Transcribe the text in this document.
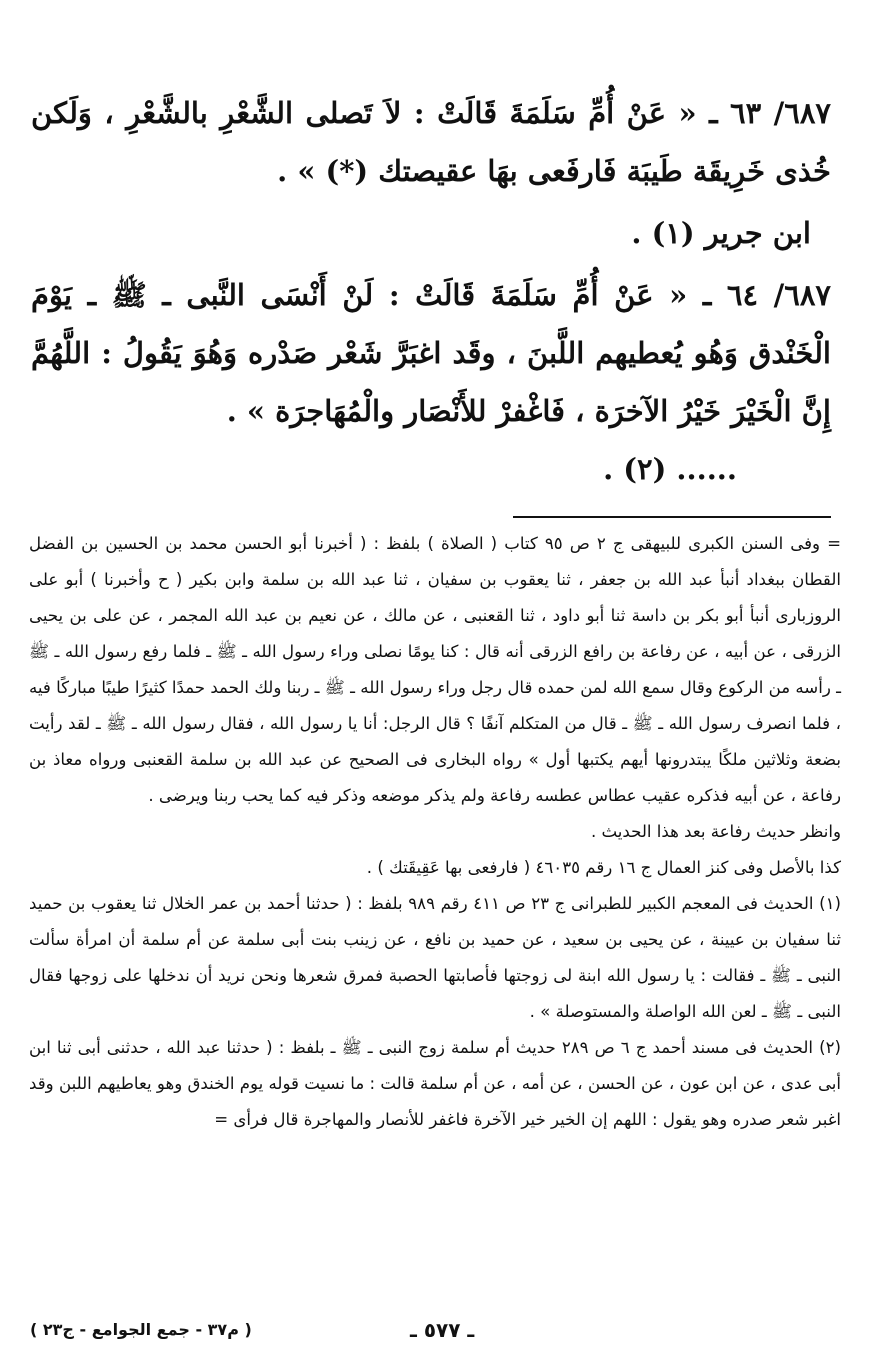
٦٨٧/ ٦٣ ـ « عَنْ أُمِّ سَلَمَةَ قَالَتْ : لاَ تَصلى الشَّعْرِ بالشَّعْرِ ، وَلَكن خُذى خَرِيقَة طَيبَة فَارفَعى بهَا عقيصتك (*) » .

ابن جرير (١) .

٦٨٧/ ٦٤ ـ « عَنْ أُمِّ سَلَمَةَ قَالَتْ : لَنْ أَنْسَى النَّبى ـ ﷺ ـ يَوْمَ الْخَنْدق وَهُو يُعطيهم اللَّبنَ ، وقَد اغبَرَّ شَعْر صَدْره وَهُوَ يَقُولُ : اللَّهُمَّ إِنَّ الْخَيْرَ خَيْرُ الآخرَة ، فَاغْفرْ للأَنْصَار والْمُهَاجرَة » .

...... (٢) .

= وفى السنن الكبرى للبيهقى ج ٢ ص ٩٥ كتاب ( الصلاة ) بلفظ : ( أخبرنا أبو الحسن محمد بن الحسين بن الفضل القطان ببغداد أنبأ عبد الله بن جعفر ، ثنا يعقوب بن سفيان ، ثنا عبد الله بن سلمة وابن بكير ( ح وأخبرنا ) أبو على الروزبارى أنبأ أبو بكر بن داسة ثنا أبو داود ، ثنا القعنبى ، عن مالك ، عن نعيم بن عبد الله المجمر ، عن على بن يحيى الزرقى ، عن أبيه ، عن رفاعة بن رافع الزرقى أنه قال : كنا يومًا نصلى وراء رسول الله ـ ﷺ ـ فلما رفع رسول الله ـ ﷺ ـ رأسه من الركوع وقال سمع الله لمن حمده قال رجل وراء رسول الله ـ ﷺ ـ ربنا ولك الحمد حمدًا كثيرًا طيبًا مباركًا فيه ، فلما انصرف رسول الله ـ ﷺ ـ قال من المتكلم آنفًا ؟ قال الرجل: أنا يا رسول الله ، فقال رسول الله ـ ﷺ ـ لقد رأيت بضعة وثلاثين ملكًا يبتدرونها أيهم يكتبها أول » رواه البخارى فى الصحيح عن عبد الله بن سلمة القعنبى ورواه معاذ بن رفاعة ، عن أبيه فذكره عقيب عطاس عطسه رفاعة ولم يذكر موضعه وذكر فيه كما يحب ربنا ويرضى .

وانظر حديث رفاعة بعد هذا الحديث .

كذا بالأصل وفى كنز العمال ج ١٦ رقم ٤٦٠٣٥ ( فارفعى بها عَقِيقَتك ) .

(١) الحديث فى المعجم الكبير للطبرانى ج ٢٣ ص ٤١١ رقم ٩٨٩ بلفظ : ( حدثنا أحمد بن عمر الخلال ثنا يعقوب بن حميد ثنا سفيان بن عيينة ، عن يحيى بن سعيد ، عن حميد بن نافع ، عن زينب بنت أبى سلمة عن أم سلمة أن امرأة سألت النبى ـ ﷺ ـ فقالت : يا رسول الله ابنة لى زوجتها فأصابتها الحصبة فمرق شعرها ونحن نريد أن ندخلها على زوجها فقال النبى ـ ﷺ ـ لعن الله الواصلة والمستوصلة » .

(٢) الحديث فى مسند أحمد ج ٦ ص ٢٨٩ حديث أم سلمة زوج النبى ـ ﷺ ـ بلفظ : ( حدثنا عبد الله ، حدثنى أبى ثنا ابن أبى عدى ، عن ابن عون ، عن الحسن ، عن أمه ، عن أم سلمة قالت : ما نسيت قوله يوم الخندق وهو يعاطيهم اللبن وقد اغبر شعر صدره وهو يقول : اللهم إن الخير خير الآخرة فاغفر للأنصار والمهاجرة قال فرأى =

ـ ٥٧٧ ـ
( م٣٧ - جمع الجوامع - ج٢٣ )
